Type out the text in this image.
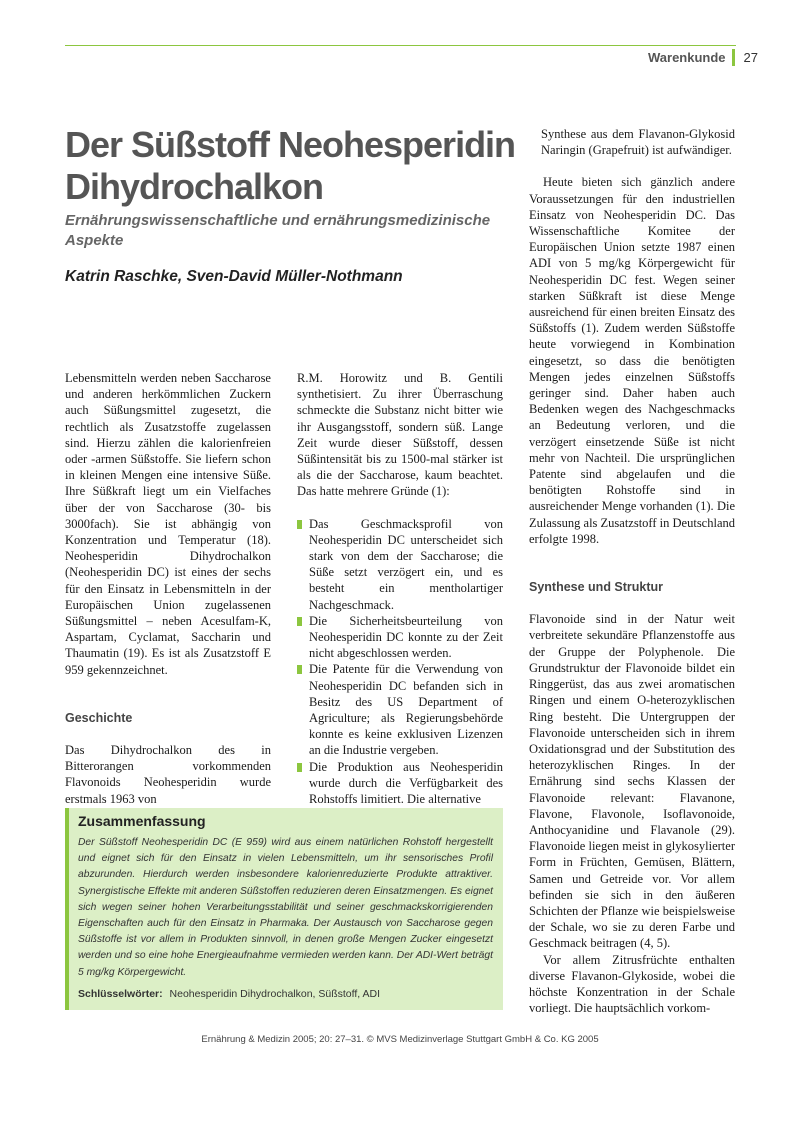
Warenkunde	27
Der Süßstoff Neohesperidin Dihydrochalkon
Ernährungswissenschaftliche und ernährungsmedizinische Aspekte
Katrin Raschke, Sven-David Müller-Nothmann

Lebensmitteln werden neben Saccharose und anderen herkömmlichen Zuckern auch Süßungsmittel zugesetzt, die rechtlich als Zusatzstoffe zugelassen sind. Hierzu zählen die kalorienfreien oder -armen Süßstoffe. Sie liefern schon in kleinen Mengen eine intensive Süße. Ihre Süßkraft liegt um ein Vielfaches über der von Saccharose (30- bis 3000fach). Sie ist abhängig von Konzentration und Temperatur (18). Neohesperidin Dihydrochalkon (Neohesperidin DC) ist eines der sechs für den Einsatz in Lebensmitteln in der Europäischen Union zugelassenen Süßungsmittel – neben Acesulfam-K, Aspartam, Cyclamat, Saccharin und Thaumatin (19). Es ist als Zusatzstoff E 959 gekennzeichnet.

Geschichte

Das Dihydrochalkon des in Bitterorangen vorkommenden Flavonoids Neohesperidin wurde erstmals 1963 von

R.M. Horowitz und B. Gentili synthetisiert. Zu ihrer Überraschung schmeckte die Substanz nicht bitter wie ihr Ausgangsstoff, sondern süß. Lange Zeit wurde dieser Süßstoff, dessen Süßintensität bis zu 1500-mal stärker ist als die der Saccharose, kaum beachtet. Das hatte mehrere Gründe (1):

Das Geschmacksprofil von Neohesperidin DC unterscheidet sich stark von dem der Saccharose; die Süße setzt verzögert ein, und es besteht ein mentholartiger Nachgeschmack.
Die Sicherheitsbeurteilung von Neohesperidin DC konnte zu der Zeit nicht abgeschlossen werden.
Die Patente für die Verwendung von Neohesperidin DC befanden sich in Besitz des US Department of Agriculture; als Regierungsbehörde konnte es keine exklusiven Lizenzen an die Industrie vergeben.
Die Produktion aus Neohesperidin wurde durch die Verfügbarkeit des Rohstoffs limitiert. Die alternative

Synthese aus dem Flavanon-Glykosid Naringin (Grapefruit) ist aufwändiger.

Heute bieten sich gänzlich andere Voraussetzungen für den industriellen Einsatz von Neohesperidin DC. Das Wissenschaftliche Komitee der Europäischen Union setzte 1987 einen ADI von 5 mg/kg Körpergewicht für Neohesperidin DC fest. Wegen seiner starken Süßkraft ist diese Menge ausreichend für einen breiten Einsatz des Süßstoffs (1). Zudem werden Süßstoffe heute vorwiegend in Kombination eingesetzt, so dass die benötigten Mengen jedes einzelnen Süßstoffs geringer sind. Daher haben auch Bedenken wegen des Nachgeschmacks an Bedeutung verloren, und die verzögert einsetzende Süße ist nicht mehr von Nachteil. Die ursprünglichen Patente sind abgelaufen und die benötigten Rohstoffe sind in ausreichender Menge vorhanden (1). Die Zulassung als Zusatzstoff in Deutschland erfolgte 1998.

Synthese und Struktur

Flavonoide sind in der Natur weit verbreitete sekundäre Pflanzenstoffe aus der Gruppe der Polyphenole. Die Grundstruktur der Flavonoide bildet ein Ringgerüst, das aus zwei aromatischen Ringen und einem O-heterozyklischen Ring besteht. Die Untergruppen der Flavonoide unterscheiden sich in ihrem Oxidationsgrad und der Substitution des heterozyklischen Ringes. In der Ernährung sind sechs Klassen der Flavonoide relevant: Flavanone, Flavone, Flavonole, Isoflavonoide, Anthocyanidine und Flavanole (29). Flavonoide liegen meist in glykosylierter Form in Früchten, Gemüsen, Blättern, Samen und Getreide vor. Vor allem befinden sie sich in den äußeren Schichten der Pflanze wie beispielsweise der Schale, wo sie zu deren Farbe und Geschmack beitragen (4, 5).

Vor allem Zitrusfrüchte enthalten diverse Flavanon-Glykoside, wobei die höchste Konzentration in der Schale vorliegt. Die hauptsächlich vorkom-

Zusammenfassung

Der Süßstoff Neohesperidin DC (E 959) wird aus einem natürlichen Rohstoff hergestellt und eignet sich für den Einsatz in vielen Lebensmitteln, um ihr sensorisches Profil abzurunden. Hierdurch werden insbesondere kalorienreduzierte Produkte attraktiver. Synergistische Effekte mit anderen Süßstoffen reduzieren deren Einsatzmengen. Es eignet sich wegen seiner hohen Verarbeitungsstabilität und seiner geschmackskorrigierenden Eigenschaften auch für den Einsatz in Pharmaka. Der Austausch von Saccharose gegen Süßstoffe ist vor allem in Produkten sinnvoll, in denen große Mengen Zucker eingesetzt werden und so eine hohe Energieaufnahme vermieden werden kann. Der ADI-Wert beträgt 5 mg/kg Körpergewicht.

Schlüsselwörter: Neohesperidin Dihydrochalkon, Süßstoff, ADI
Ernährung & Medizin 2005; 20: 27–31. © MVS Medizinverlage Stuttgart GmbH & Co. KG 2005
